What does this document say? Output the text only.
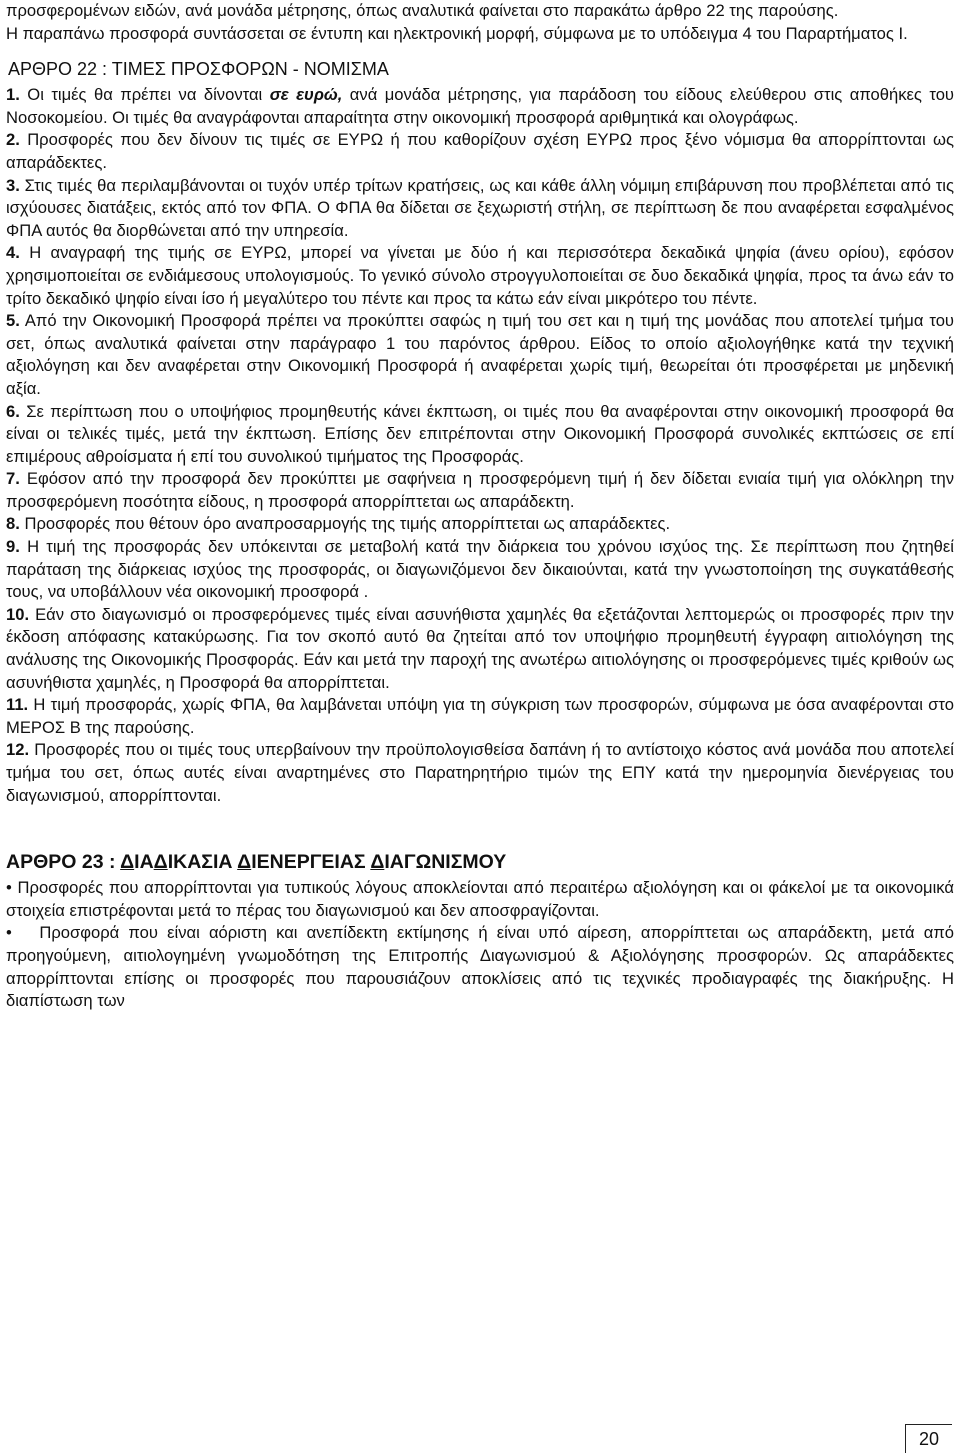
προσφερομένων ειδών, ανά μονάδα μέτρησης, όπως αναλυτικά φαίνεται στο παρακάτω άρθρο 22 της παρούσης.

Η παραπάνω προσφορά συντάσσεται σε έντυπη και ηλεκτρονική μορφή, σύμφωνα με το υπόδειγμα 4 του Παραρτήματος Ι.

ΑΡΘΡΟ 22 : ΤΙΜΕΣ ΠΡΟΣΦΟΡΩΝ - ΝΟΜΙΣΜΑ

1. Οι τιμές θα πρέπει να δίνονται σε ευρώ, ανά μονάδα μέτρησης, για παράδοση του είδους ελεύθερου στις αποθήκες του Νοσοκομείου. Οι τιμές θα αναγράφονται απαραίτητα στην οικονομική προσφορά αριθμητικά και ολογράφως.

2. Προσφορές που δεν δίνουν τις τιμές σε ΕΥΡΩ ή που καθορίζουν σχέση ΕΥΡΩ προς ξένο νόμισμα θα απορρίπτονται ως απαράδεκτες.

3. Στις τιμές θα περιλαμβάνονται οι τυχόν υπέρ τρίτων κρατήσεις, ως και κάθε άλλη νόμιμη επιβάρυνση που προβλέπεται από τις ισχύουσες διατάξεις, εκτός από τον ΦΠΑ. Ο ΦΠΑ θα δίδεται σε ξεχωριστή στήλη, σε περίπτωση δε που αναφέρεται εσφαλμένος ΦΠΑ αυτός θα διορθώνεται από την υπηρεσία.

4. Η αναγραφή της τιμής σε ΕΥΡΩ, μπορεί να γίνεται με δύο ή και περισσότερα δεκαδικά ψηφία (άνευ ορίου), εφόσον χρησιμοποιείται σε ενδιάμεσους υπολογισμούς. Το γενικό σύνολο στρογγυλοποιείται σε δυο δεκαδικά ψηφία, προς τα άνω εάν το τρίτο δεκαδικό ψηφίο είναι ίσο ή μεγαλύτερο του πέντε και προς τα κάτω εάν είναι μικρότερο του πέντε.

5. Από την Οικονομική Προσφορά πρέπει να προκύπτει σαφώς η τιμή του σετ και η τιμή της μονάδας που αποτελεί τμήμα του σετ, όπως αναλυτικά φαίνεται στην παράγραφο 1 του παρόντος άρθρου. Είδος το οποίο αξιολογήθηκε κατά την τεχνική αξιολόγηση και δεν αναφέρεται στην Οικονομική Προσφορά ή αναφέρεται χωρίς τιμή, θεωρείται ότι προσφέρεται με μηδενική αξία.

6. Σε περίπτωση που ο υποψήφιος προμηθευτής κάνει έκπτωση, οι τιμές που θα αναφέρονται στην οικονομική προσφορά θα είναι οι τελικές τιμές, μετά την έκπτωση. Επίσης δεν επιτρέπονται στην Οικονομική Προσφορά συνολικές εκπτώσεις σε επί επιμέρους αθροίσματα ή επί του συνολικού τιμήματος της Προσφοράς.

7. Εφόσον από την προσφορά δεν προκύπτει με σαφήνεια η προσφερόμενη τιμή ή δεν δίδεται ενιαία τιμή για ολόκληρη την προσφερόμενη ποσότητα είδους, η προσφορά απορρίπτεται ως απαράδεκτη.

8. Προσφορές που θέτουν όρο αναπροσαρμογής της τιμής απορρίπτεται ως απαράδεκτες.

9. Η τιμή της προσφοράς δεν υπόκεινται σε μεταβολή κατά την διάρκεια του χρόνου ισχύος της. Σε περίπτωση που ζητηθεί παράταση της διάρκειας ισχύος της προσφοράς, οι διαγωνιζόμενοι δεν δικαιούνται, κατά την γνωστοποίηση της συγκατάθεσής τους, να υποβάλλουν νέα οικονομική προσφορά .

10. Εάν στο διαγωνισμό οι προσφερόμενες τιμές είναι ασυνήθιστα χαμηλές θα εξετάζονται λεπτομερώς οι προσφορές πριν την έκδοση απόφασης κατακύρωσης. Για τον σκοπό αυτό θα ζητείται από τον υποψήφιο προμηθευτή έγγραφη αιτιολόγηση της ανάλυσης της Οικονομικής Προσφοράς. Εάν και μετά την παροχή της ανωτέρω αιτιολόγησης οι προσφερόμενες τιμές κριθούν ως ασυνήθιστα χαμηλές, η Προσφορά θα απορρίπτεται.

11. Η τιμή προσφοράς, χωρίς ΦΠΑ, θα λαμβάνεται υπόψη για τη σύγκριση των προσφορών, σύμφωνα με όσα αναφέρονται στο ΜΕΡΟΣ Β της παρούσης.

12. Προσφορές που οι τιμές τους υπερβαίνουν την προϋπολογισθείσα δαπάνη ή το αντίστοιχο κόστος ανά μονάδα που αποτελεί τμήμα του σετ, όπως αυτές είναι αναρτημένες στο Παρατηρητήριο τιμών της ΕΠΥ κατά την ημερομηνία διενέργειας του διαγωνισμού, απορρίπτονται.

ΑΡΘΡΟ 23 : ΔΙΑΔΙΚΑΣΙΑ ΔΙΕΝΕΡΓΕΙΑΣ ΔΙΑΓΩΝΙΣΜΟΥ

• Προσφορές που απορρίπτονται για τυπικούς λόγους αποκλείονται από περαιτέρω αξιολόγηση και οι φάκελοί με τα οικονομικά στοιχεία επιστρέφονται μετά το πέρας του διαγωνισμού και δεν αποσφραγίζονται.

• Προσφορά που είναι αόριστη και ανεπίδεκτη εκτίμησης ή είναι υπό αίρεση, απορρίπτεται ως απαράδεκτη, μετά από προηγούμενη, αιτιολογημένη γνωμοδότηση της Επιτροπής Διαγωνισμού & Αξιολόγησης προσφορών. Ως απαράδεκτες απορρίπτονται επίσης οι προσφορές που παρουσιάζουν αποκλίσεις από τις τεχνικές προδιαγραφές της διακήρυξης. Η διαπίστωση των

20
